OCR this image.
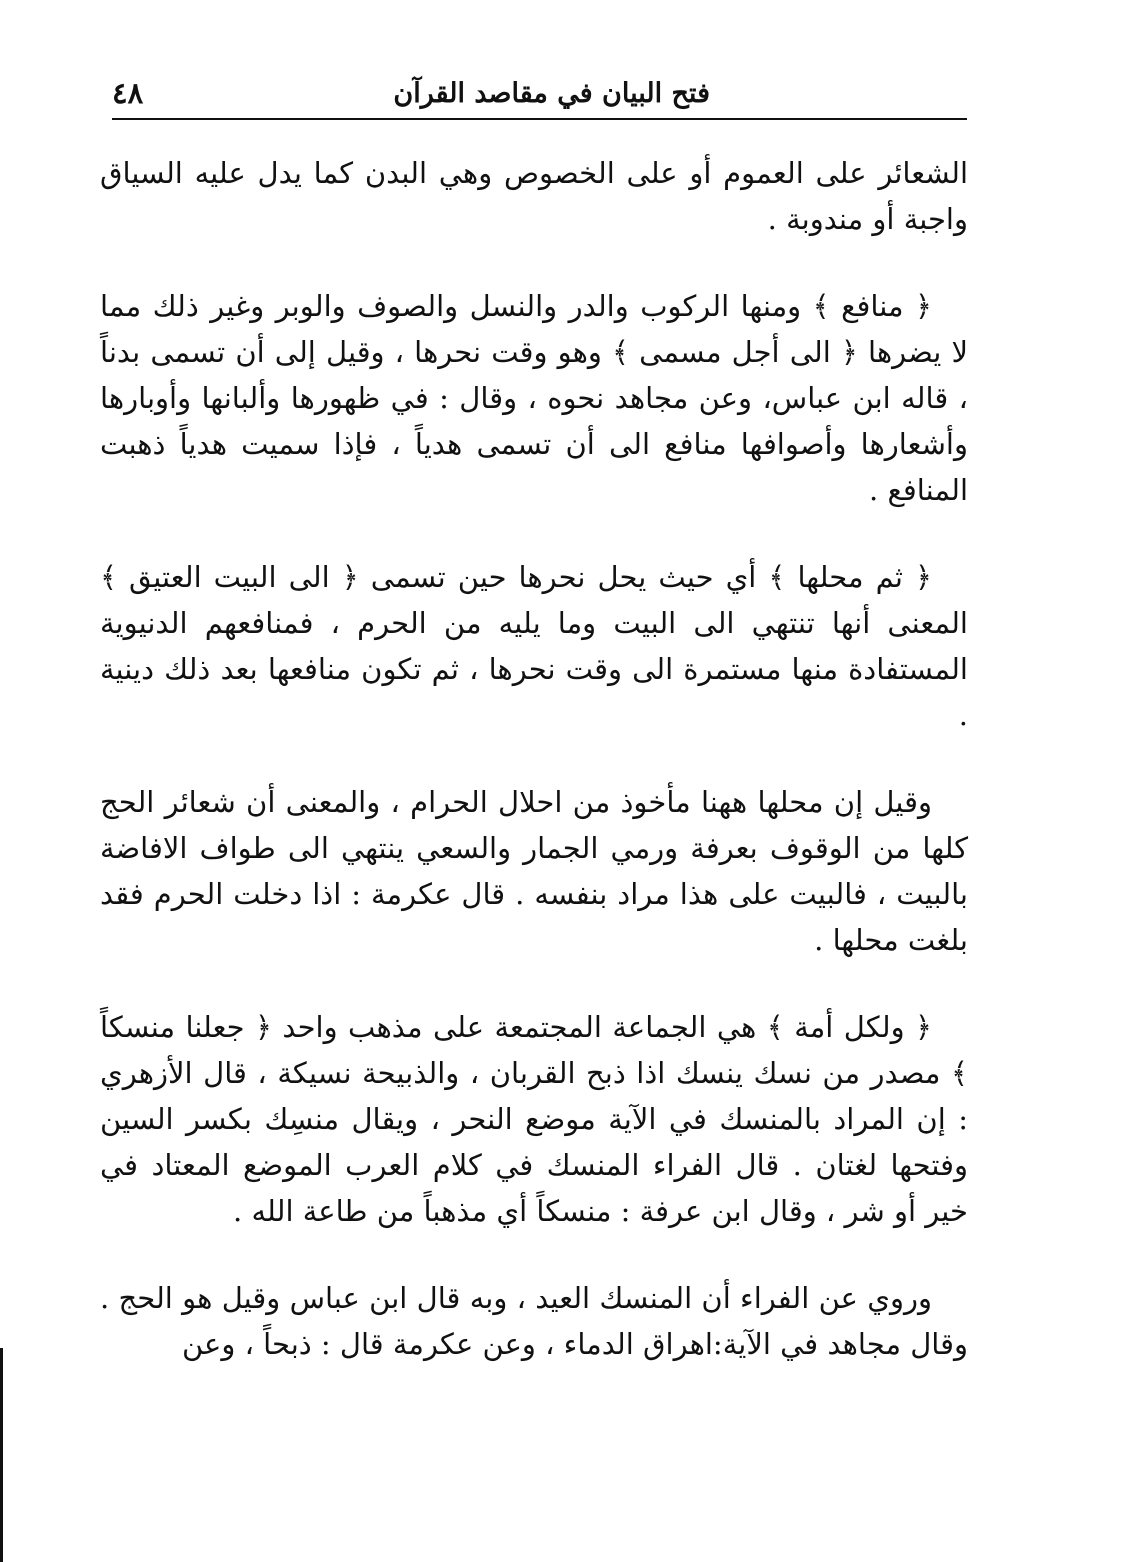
فتح البيان في مقاصد القرآن
٤٨

الشعائر على العموم أو على الخصوص وهي البدن كما يدل عليه السياق واجبة أو مندوبة .

﴿ منافع ﴾ ومنها الركوب والدر والنسل والصوف والوبر وغير ذلك مما لا يضرها ﴿ الى أجل مسمى ﴾ وهو وقت نحرها ، وقيل إلى أن تسمى بدناً ، قاله ابن عباس، وعن مجاهد نحوه ، وقال : في ظهورها وألبانها وأوبارها وأشعارها وأصوافها منافع الى أن تسمى هدياً ، فإذا سميت هدياً ذهبت المنافع .

﴿ ثم محلها ﴾ أي حيث يحل نحرها حين تسمى ﴿ الى البيت العتيق ﴾ المعنى أنها تنتهي الى البيت وما يليه من الحرم ، فمنافعهم الدنيوية المستفادة منها مستمرة الى وقت نحرها ، ثم تكون منافعها بعد ذلك دينية .

وقيل إن محلها ههنا مأخوذ من احلال الحرام ، والمعنى أن شعائر الحج كلها من الوقوف بعرفة ورمي الجمار والسعي ينتهي الى طواف الافاضة بالبيت ، فالبيت على هذا مراد بنفسه . قال عكرمة : اذا دخلت الحرم فقد بلغت محلها .

﴿ ولكل أمة ﴾ هي الجماعة المجتمعة على مذهب واحد ﴿ جعلنا منسكاً ﴾ مصدر من نسك ينسك اذا ذبح القربان ، والذبيحة نسيكة ، قال الأزهري : إن المراد بالمنسك في الآية موضع النحر ، ويقال منسِك بكسر السين وفتحها لغتان . قال الفراء المنسك في كلام العرب الموضع المعتاد في خير أو شر ، وقال ابن عرفة : منسكاً أي مذهباً من طاعة الله .

وروي عن الفراء أن المنسك العيد ، وبه قال ابن عباس وقيل هو الحج . وقال مجاهد في الآية:اهراق الدماء ، وعن عكرمة قال : ذبحاً ، وعن
